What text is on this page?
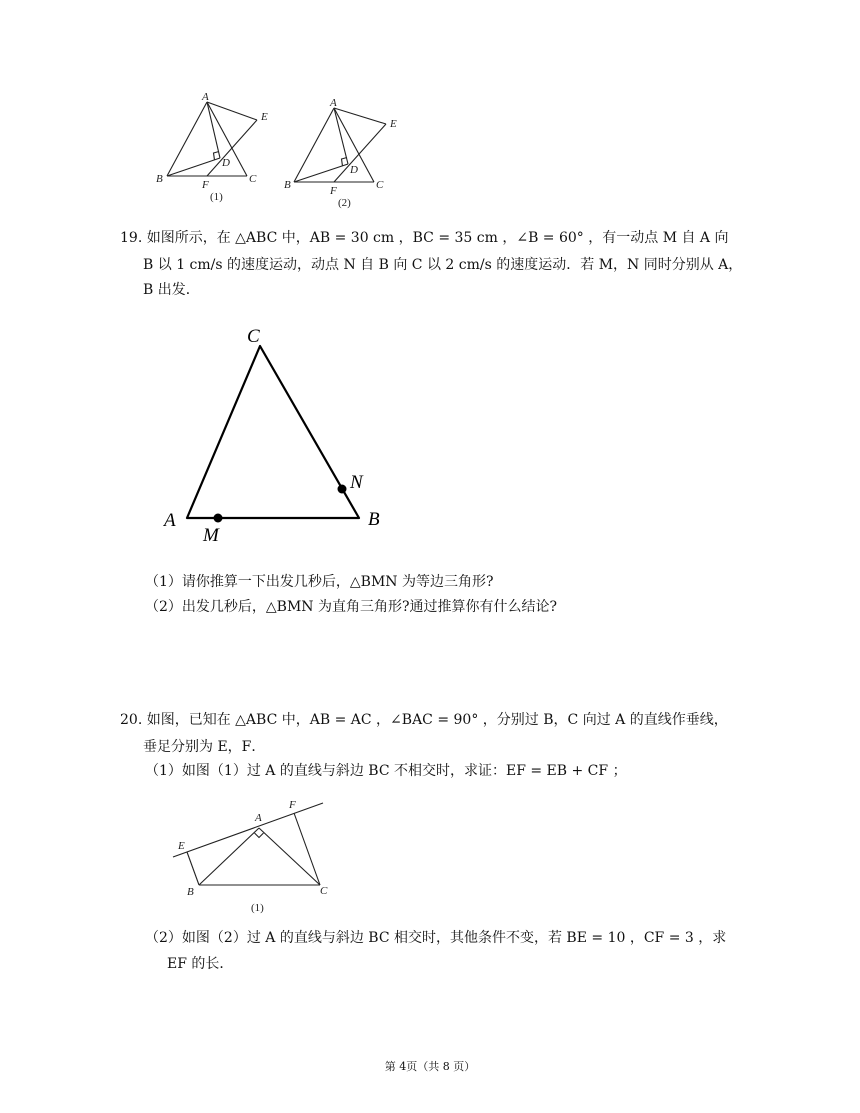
A
E
D
B	F	C
(1)
A
E
D
B	F	C
(2)
19. 如图所示，在 △ABC 中，AB = 30 cm ，BC = 35 cm ，∠B = 60° ，有一动点 M 自 A 向
B 以 1 cm/s 的速度运动，动点 N 自 B 向 C 以 2 cm/s 的速度运动．若 M，N 同时分别从 A，
B 出发．
C
N
A	B
M
（1）请你推算一下出发几秒后，△BMN 为等边三角形?
（2）出发几秒后，△BMN 为直角三角形?通过推算你有什么结论?
20. 如图，已知在 △ABC 中，AB = AC ，∠BAC = 90° ，分别过 B，C 向过 A 的直线作垂线，
垂足分别为 E，F．
（1）如图（1）过 A 的直线与斜边 BC 不相交时，求证：EF = EB + CF ；
F
A
E
B	C
(1)
（2）如图（2）过 A 的直线与斜边 BC 相交时，其他条件不变，若 BE = 10 ，CF = 3 ，求
EF 的长．
第 4页（共 8 页）
